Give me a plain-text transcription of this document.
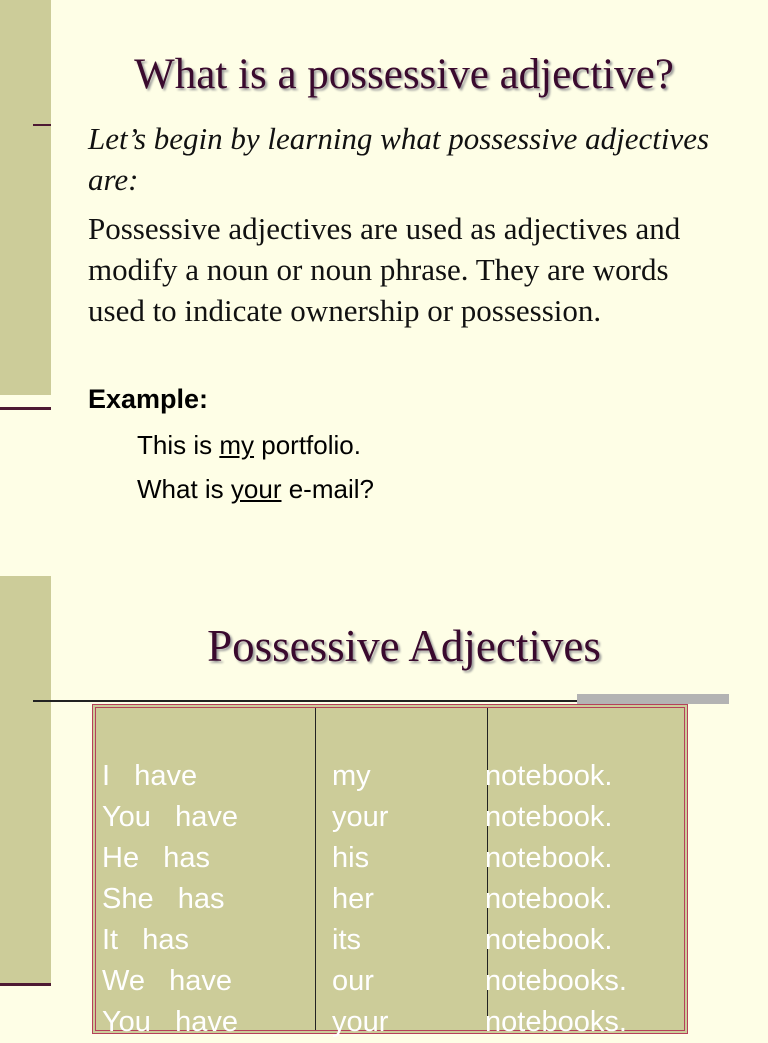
What is a possessive adjective?

Let’s begin by learning what possessive adjectives are:

Possessive adjectives are used as adjectives and modify a noun or noun phrase. They are words used to indicate ownership or possession.

Example:
This is my portfolio.
What is your e-mail?
Possessive Adjectives
I   have
You   have
He   has
She   has
It   has
We   have
You   have
my
your
his
her
its
our
your
notebook.
notebook.
notebook.
notebook.
notebook.
notebooks.
notebooks.
